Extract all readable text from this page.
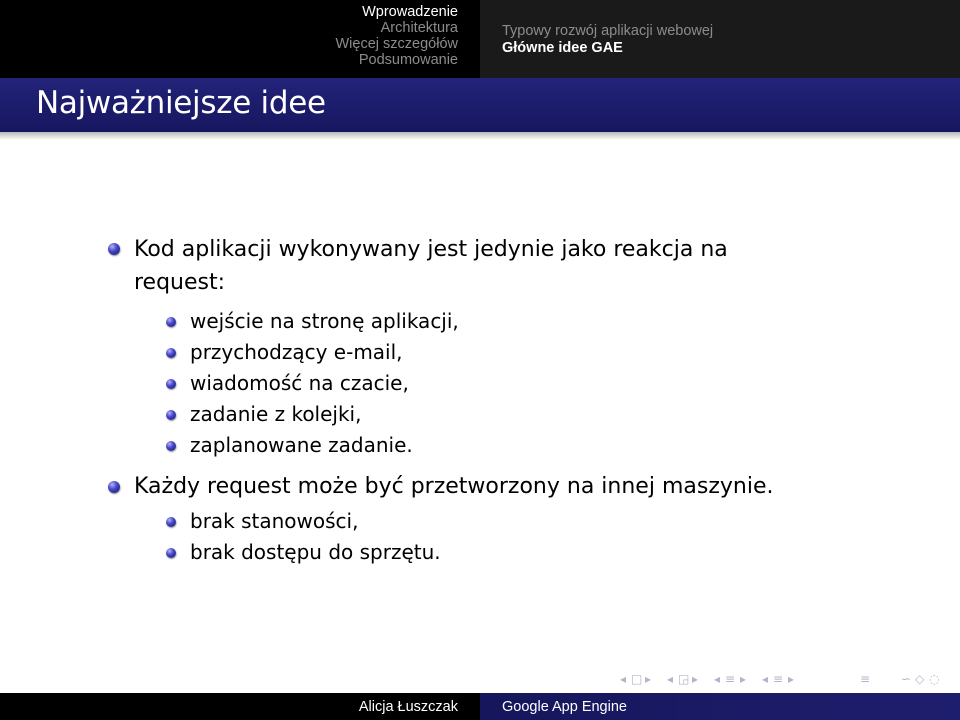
Wprowadzenie
Architektura
Więcej szczegółów
Podsumowanie
Typowy rozwój aplikacji webowej
Główne idee GAE
Najważniejsze idee
Kod aplikacji wykonywany jest jedynie jako reakcja na
request:
wejście na stronę aplikacji,
przychodzący e-mail,
wiadomość na czacie,
zadanie z kolejki,
zaplanowane zadanie.
Każdy request może być przetworzony na innej maszynie.
brak stanowości,
brak dostępu do sprzętu.
◂ □ ▸ ◂ ◲ ▸ ◂ ≡ ▸ ◂ ≡ ▸	≡	∽ ◇ ◌
Alicja Łuszczak	Google App Engine
